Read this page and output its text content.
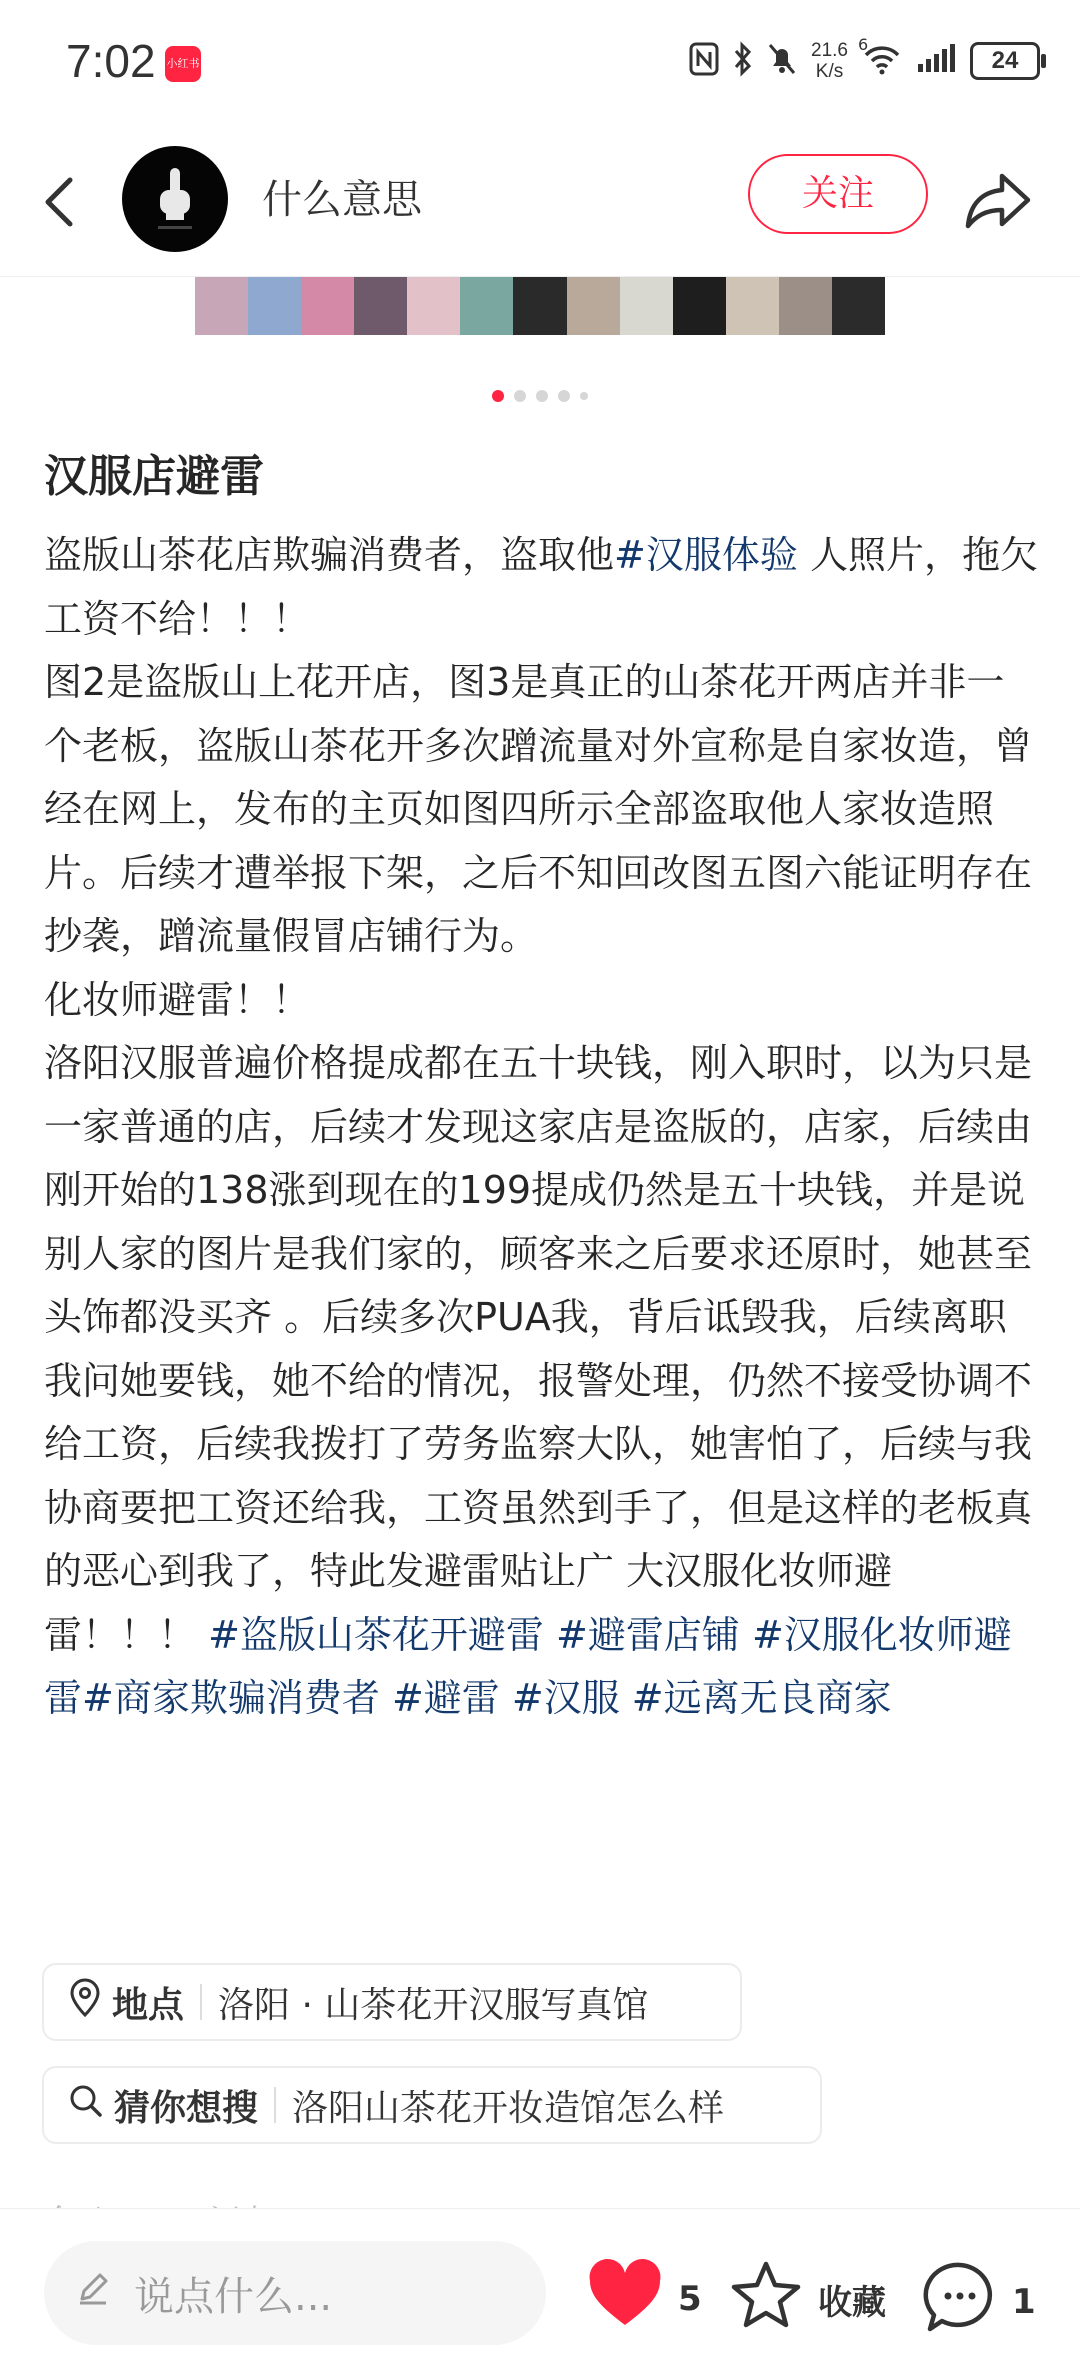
7:02 小红书
21.6
K/s
6
24
什么意思	关注
汉服店避雷

盗版山茶花店欺骗消费者，盗取他#汉服体验 人照片，拖欠工资不给！！！

图2是盗版山上花开店，图3是真正的山茶花开两店并非一个老板，盗版山茶花开多次蹭流量对外宣称是自家妆造，曾经在网上，发布的主页如图四所示全部盗取他人家妆造照片。后续才遭举报下架，之后不知回改图五图六能证明存在抄袭，蹭流量假冒店铺行为。

化妆师避雷！！

洛阳汉服普遍价格提成都在五十块钱，刚入职时，以为只是一家普通的店，后续才发现这家店是盗版的，店家，后续由刚开始的138涨到现在的199提成仍然是五十块钱，并是说别人家的图片是我们家的，顾客来之后要求还原时，她甚至头饰都没买齐 。后续多次PUA我，背后诋毁我，后续离职我问她要钱，她不给的情况，报警处理，仍然不接受协调不给工资，后续我拨打了劳务监察大队，她害怕了，后续与我协商要把工资还给我，工资虽然到手了，但是这样的老板真的恶心到我了，特此发避雷贴让广 大汉服化妆师避雷！！！ #盗版山茶花开避雷 #避雷店铺 #汉服化妆师避雷#商家欺骗消费者 #避雷 #汉服 #远离无良商家

地点 洛阳 · 山茶花开汉服写真馆
猜你想搜 洛阳山茶花开妆造馆怎么样
说点什么...	5	收藏	1
